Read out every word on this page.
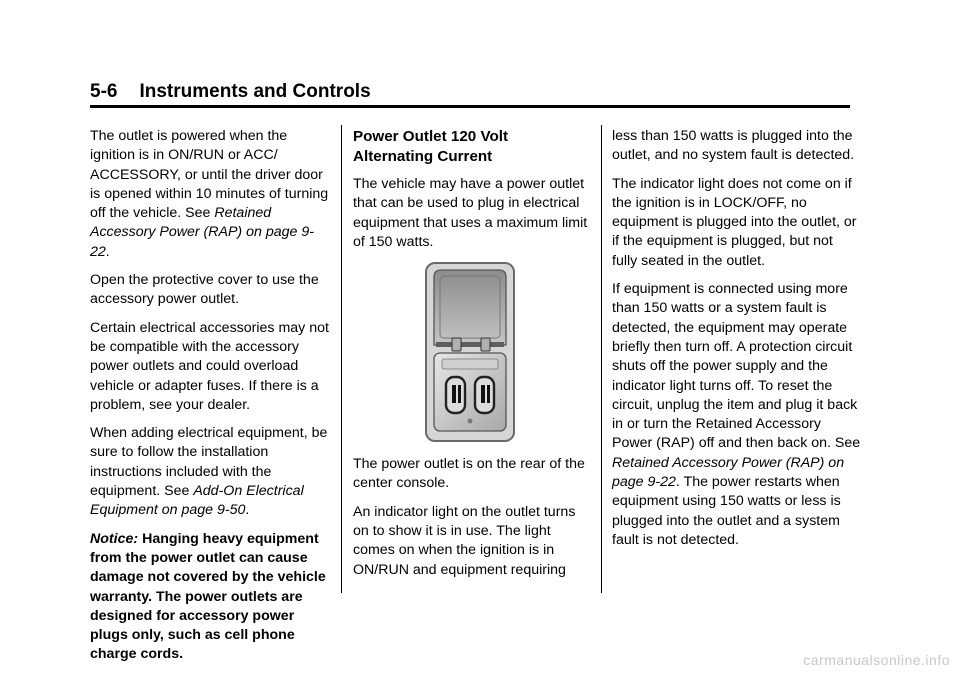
5-6 Instruments and Controls

The outlet is powered when the ignition is in ON/RUN or ACC/ ACCESSORY, or until the driver door is opened within 10 minutes of turning off the vehicle. See Retained Accessory Power (RAP) on page 9-22.

Open the protective cover to use the accessory power outlet.

Certain electrical accessories may not be compatible with the accessory power outlets and could overload vehicle or adapter fuses. If there is a problem, see your dealer.

When adding electrical equipment, be sure to follow the installation instructions included with the equipment. See Add-On Electrical Equipment on page 9-50.

Notice: Hanging heavy equipment from the power outlet can cause damage not covered by the vehicle warranty. The power outlets are designed for accessory power plugs only, such as cell phone charge cords.

Power Outlet 120 Volt Alternating Current

The vehicle may have a power outlet that can be used to plug in electrical equipment that uses a maximum limit of 150 watts.

The power outlet is on the rear of the center console.

An indicator light on the outlet turns on to show it is in use. The light comes on when the ignition is in ON/RUN and equipment requiring

less than 150 watts is plugged into the outlet, and no system fault is detected.

The indicator light does not come on if the ignition is in LOCK/OFF, no equipment is plugged into the outlet, or if the equipment is plugged, but not fully seated in the outlet.

If equipment is connected using more than 150 watts or a system fault is detected, the equipment may operate briefly then turn off. A protection circuit shuts off the power supply and the indicator light turns off. To reset the circuit, unplug the item and plug it back in or turn the Retained Accessory Power (RAP) off and then back on. See Retained Accessory Power (RAP) on page 9-22. The power restarts when equipment using 150 watts or less is plugged into the outlet and a system fault is not detected.

carmanualsonline.info
